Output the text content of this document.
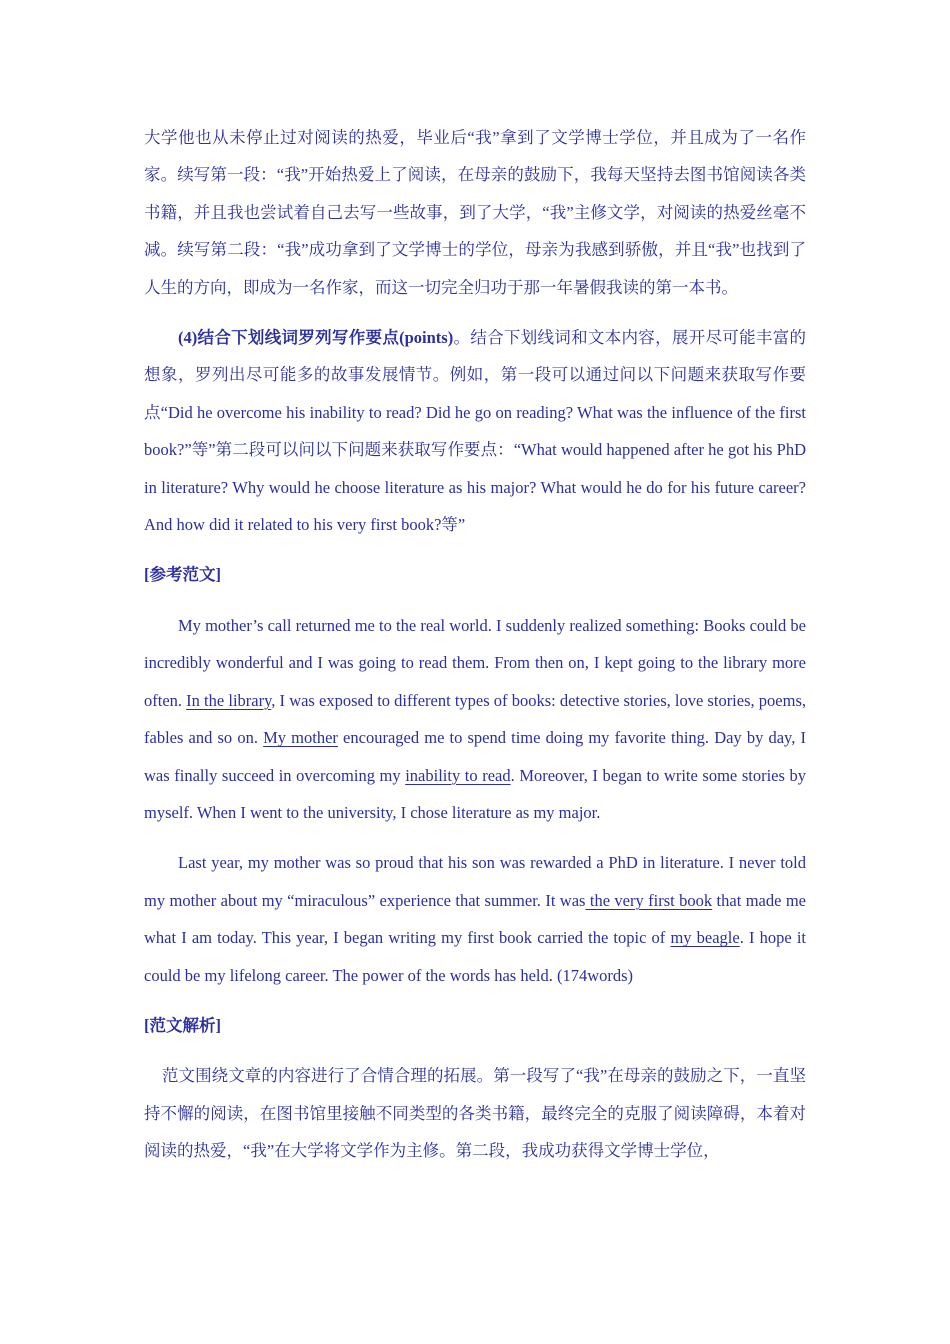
大学他也从未停止过对阅读的热爱，毕业后“我”拿到了文学博士学位，并且成为了一名作家。续写第一段：“我”开始热爱上了阅读，在母亲的鼓励下，我每天坚持去图书馆阅读各类书籍，并且我也尝试着自己去写一些故事，到了大学，“我”主修文学，对阅读的热爱丝毫不减。续写第二段：“我”成功拿到了文学博士的学位，母亲为我感到骄傲，并且“我”也找到了人生的方向，即成为一名作家，而这一切完全归功于那一年暑假我读的第一本书。

(4)结合下划线词罗列写作要点(points)。结合下划线词和文本内容，展开尽可能丰富的想象，罗列出尽可能多的故事发展情节。例如，第一段可以通过问以下问题来获取写作要点“Did he overcome his inability to read? Did he go on reading? What was the influence of the first book?”等”第二段可以问以下问题来获取写作要点：“What would happened after he got his PhD in literature? Why would he choose literature as his major? What would he do for his future career? And how did it related to his very first book?等”

[参考范文]

My mother’s call returned me to the real world. I suddenly realized something: Books could be incredibly wonderful and I was going to read them. From then on, I kept going to the library more often. In the library, I was exposed to different types of books: detective stories, love stories, poems, fables and so on. My mother encouraged me to spend time doing my favorite thing. Day by day, I was finally succeed in overcoming my inability to read. Moreover, I began to write some stories by myself. When I went to the university, I chose literature as my major.

Last year, my mother was so proud that his son was rewarded a PhD in literature. I never told my mother about my “miraculous” experience that summer. It was the very first book that made me what I am today. This year, I began writing my first book carried the topic of my beagle. I hope it could be my lifelong career. The power of the words has held. (174words)

[范文解析]

范文围绕文章的内容进行了合情合理的拓展。第一段写了“我”在母亲的鼓励之下，一直坚持不懈的阅读，在图书馆里接触不同类型的各类书籍，最终完全的克服了阅读障碍，本着对阅读的热爱，“我”在大学将文学作为主修。第二段，我成功获得文学博士学位，
